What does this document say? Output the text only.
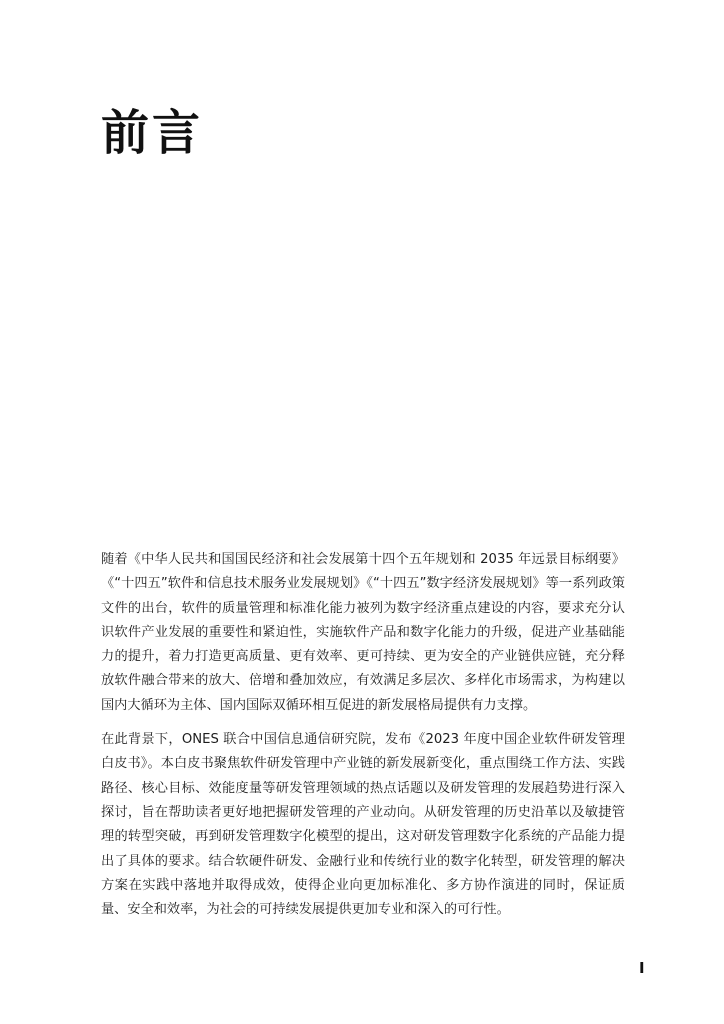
前言

随着《中华人民共和国国民经济和社会发展第十四个五年规划和 2035 年远景目标纲要》《“十四五”软件和信息技术服务业发展规划》《“十四五”数字经济发展规划》等一系列政策文件的出台，软件的质量管理和标准化能力被列为数字经济重点建设的内容，要求充分认识软件产业发展的重要性和紧迫性，实施软件产品和数字化能力的升级，促进产业基础能力的提升，着力打造更高质量、更有效率、更可持续、更为安全的产业链供应链，充分释放软件融合带来的放大、倍增和叠加效应，有效满足多层次、多样化市场需求，为构建以国内大循环为主体、国内国际双循环相互促进的新发展格局提供有力支撑。

在此背景下，ONES 联合中国信息通信研究院，发布《2023 年度中国企业软件研发管理白皮书》。本白皮书聚焦软件研发管理中产业链的新发展新变化，重点围绕工作方法、实践路径、核心目标、效能度量等研发管理领域的热点话题以及研发管理的发展趋势进行深入探讨，旨在帮助读者更好地把握研发管理的产业动向。从研发管理的历史沿革以及敏捷管理的转型突破，再到研发管理数字化模型的提出，这对研发管理数字化系统的产品能力提出了具体的要求。结合软硬件研发、金融行业和传统行业的数字化转型，研发管理的解决方案在实践中落地并取得成效，使得企业向更加标准化、多方协作演进的同时，保证质量、安全和效率，为社会的可持续发展提供更加专业和深入的可行性。

I
